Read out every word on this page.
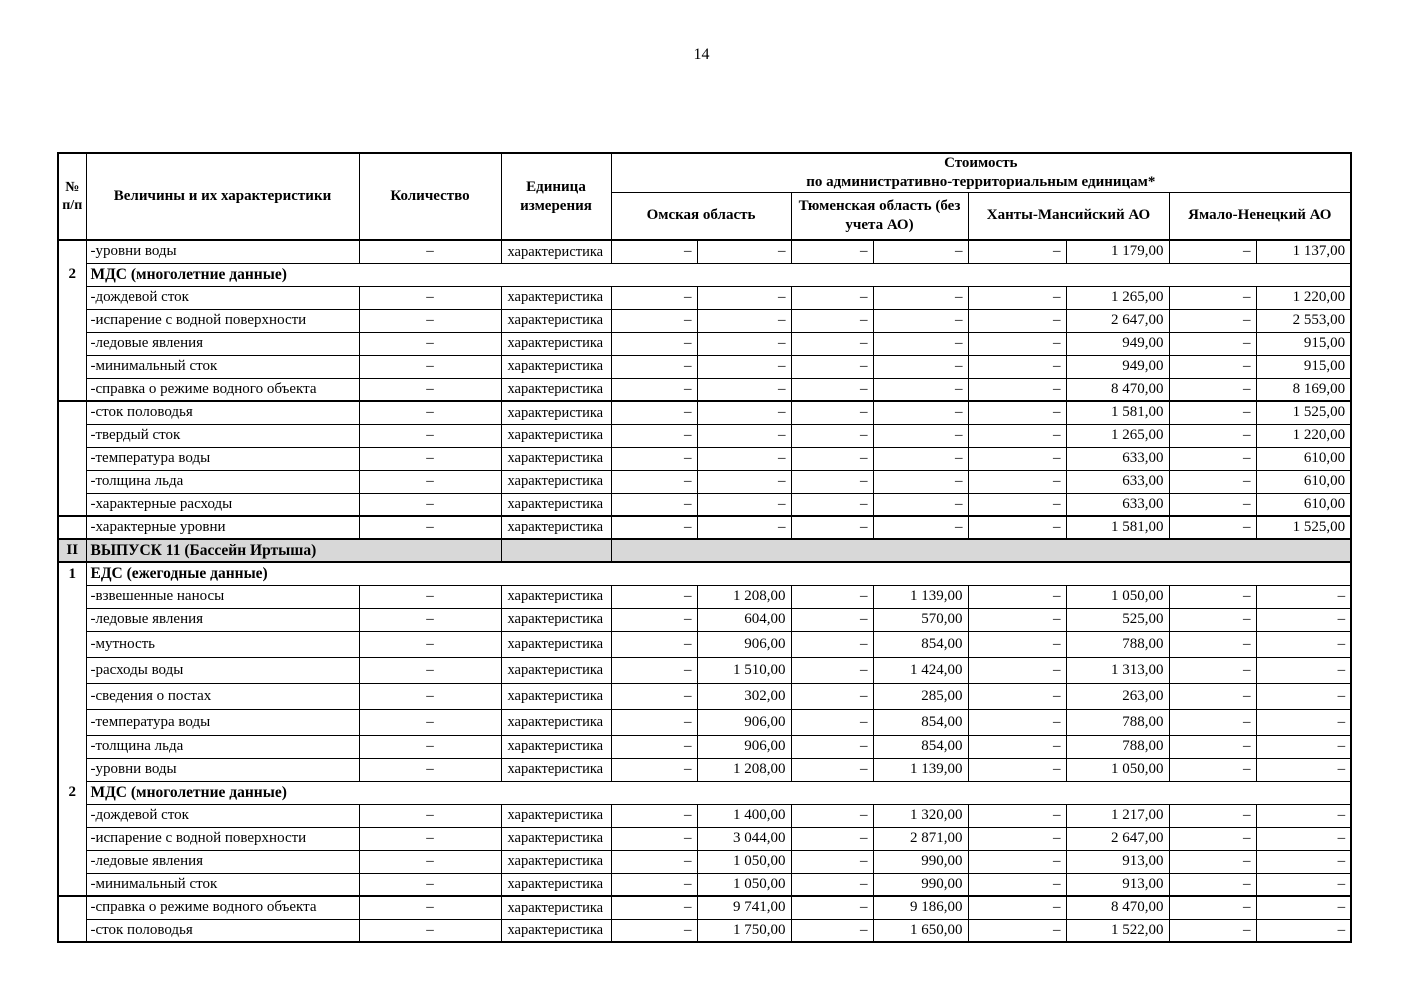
14
№ п/п	Величины и их характеристики	Количество	Единица измерения	Стоимость
по административно-территориальным единицам*							

				Омская область		Тюменская область (без учета АО)		Ханты-Мансийский АО		Ямало-Ненецкий АО	
	-уровни воды	–	характеристика	–	–	–	–	–	1 179,00	–	1 137,00
2	МДС (многолетние данные)										
	-дождевой сток	–	характеристика	–	–	–	–	–	1 265,00	–	1 220,00
	-испарение с водной поверхности	–	характеристика	–	–	–	–	–	2 647,00	–	2 553,00
	-ледовые явления	–	характеристика	–	–	–	–	–	949,00	–	915,00
	-минимальный сток	–	характеристика	–	–	–	–	–	949,00	–	915,00
	-справка о режиме водного объекта	–	характеристика	–	–	–	–	–	8 470,00	–	8 169,00
	-сток половодья	–	характеристика	–	–	–	–	–	1 581,00	–	1 525,00
	-твердый сток	–	характеристика	–	–	–	–	–	1 265,00	–	1 220,00
	-температура воды	–	характеристика	–	–	–	–	–	633,00	–	610,00
	-толщина льда	–	характеристика	–	–	–	–	–	633,00	–	610,00
	-характерные расходы	–	характеристика	–	–	–	–	–	633,00	–	610,00
	-характерные уровни	–	характеристика	–	–	–	–	–	1 581,00	–	1 525,00
II	ВЫПУСК 11 (Бассейн Иртыша)										
1	ЕДС (ежегодные данные)										
	-взвешенные наносы	–	характеристика	–	1 208,00	–	1 139,00	–	1 050,00	–	–
	-ледовые явления	–	характеристика	–	604,00	–	570,00	–	525,00	–	–
	-мутность	–	характеристика	–	906,00	–	854,00	–	788,00	–	–
	-расходы воды	–	характеристика	–	1 510,00	–	1 424,00	–	1 313,00	–	–
	-сведения о постах	–	характеристика	–	302,00	–	285,00	–	263,00	–	–
	-температура воды	–	характеристика	–	906,00	–	854,00	–	788,00	–	–
	-толщина льда	–	характеристика	–	906,00	–	854,00	–	788,00	–	–
	-уровни воды	–	характеристика	–	1 208,00	–	1 139,00	–	1 050,00	–	–
2	МДС (многолетние данные)										
	-дождевой сток	–	характеристика	–	1 400,00	–	1 320,00	–	1 217,00	–	–
	-испарение с водной поверхности	–	характеристика	–	3 044,00	–	2 871,00	–	2 647,00	–	–
	-ледовые явления	–	характеристика	–	1 050,00	–	990,00	–	913,00	–	–
	-минимальный сток	–	характеристика	–	1 050,00	–	990,00	–	913,00	–	–
	-справка о режиме водного объекта	–	характеристика	–	9 741,00	–	9 186,00	–	8 470,00	–	–
	-сток половодья	–	характеристика	–	1 750,00	–	1 650,00	–	1 522,00	–	–
